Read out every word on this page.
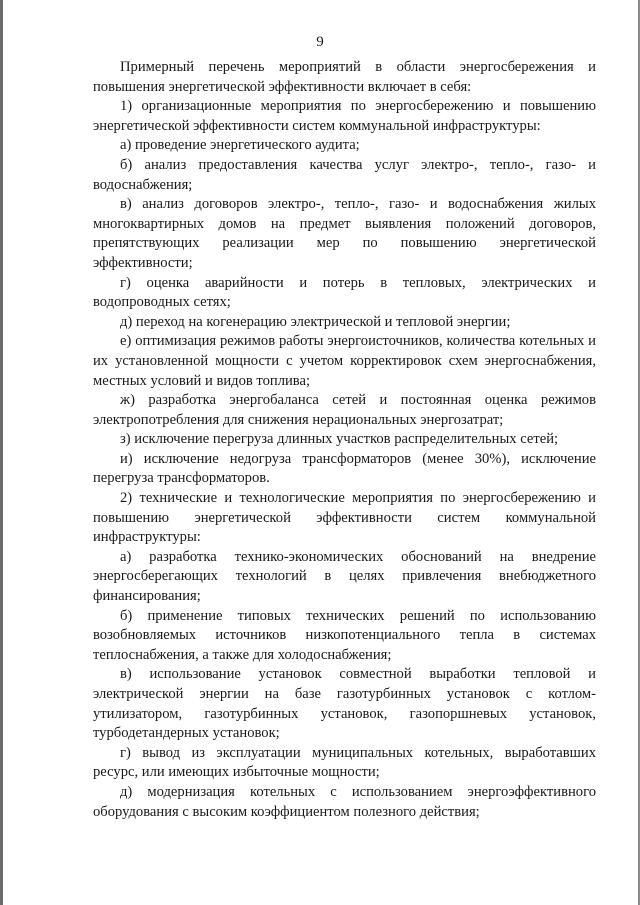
9

Примерный перечень мероприятий в области энергосбережения и повышения энергетической эффективности включает в себя:

1) организационные мероприятия по энергосбережению и повышению энергетической эффективности систем коммунальной инфраструктуры:

а) проведение энергетического аудита;

б) анализ предоставления качества услуг электро-, тепло-, газо- и водоснабжения;

в) анализ договоров электро-, тепло-, газо- и водоснабжения жилых многоквартирных домов на предмет выявления положений договоров, препятствующих реализации мер по повышению энергетической эффективности;

г) оценка аварийности и потерь в тепловых, электрических и водопроводных сетях;

д) переход на когенерацию электрической и тепловой энергии;

е) оптимизация режимов работы энергоисточников, количества котельных и их установленной мощности с учетом корректировок схем энергоснабжения, местных условий и видов топлива;

ж) разработка энергобаланса сетей и постоянная оценка режимов электропотребления для снижения нерациональных энергозатрат;

з) исключение перегруза длинных участков распределительных сетей;

и) исключение недогруза трансформаторов (менее 30%), исключение перегруза трансформаторов.

2) технические и технологические мероприятия по энергосбережению и повышению энергетической эффективности систем коммунальной инфраструктуры:

а) разработка технико-экономических обоснований на внедрение энергосберегающих технологий в целях привлечения внебюджетного финансирования;

б) применение типовых технических решений по использованию возобновляемых источников низкопотенциального тепла в системах теплоснабжения, а также для холодоснабжения;

в) использование установок совместной выработки тепловой и электрической энергии на базе газотурбинных установок с котлом-утилизатором, газотурбинных установок, газопоршневых установок, турбодетандерных установок;

г) вывод из эксплуатации муниципальных котельных, выработавших ресурс, или имеющих избыточные мощности;

д) модернизация котельных с использованием энергоэффективного оборудования с высоким коэффициентом полезного действия;
